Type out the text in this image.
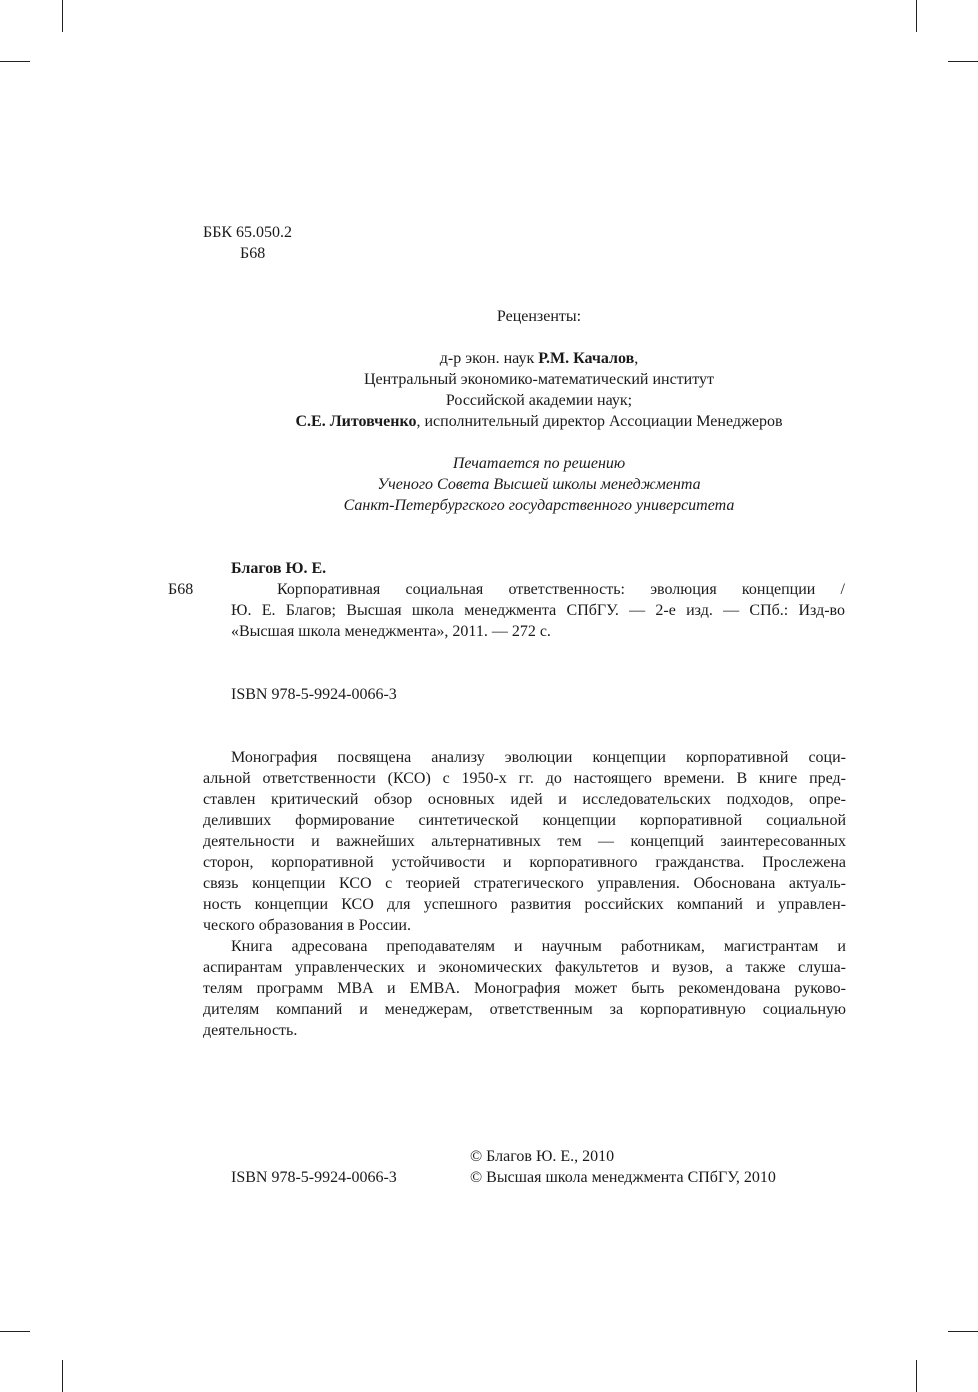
ББК 65.050.2
Б68
Рецензенты:
д-р экон. наук Р.М. Качалов,
Центральный экономико-математический институт
Российской академии наук;
С.Е. Литовченко, исполнительный директор Ассоциации Менеджеров
Печатается по решению
Ученого Совета Высшей школы менеджмента
Санкт-Петербургского государственного университета
Благов Ю. Е.
Б68	Корпоративная социальная ответственность: эволюция концепции /
Ю. Е. Благов; Высшая школа менеджмента СПбГУ. — 2-е изд. — СПб.: Изд-во
«Высшая школа менеджмента», 2011. — 272 с.
ISBN 978-5-9924-0066-3
Монография посвящена анализу эволюции концепции корпоративной соци-
альной ответственности (КСО) с 1950-х гг. до настоящего времени. В книге пред-
ставлен критический обзор основных идей и исследовательских подходов, опре-
деливших формирование синтетической концепции корпоративной социальной
деятельности и важнейших альтернативных тем — концепций заинтересованных
сторон, корпоративной устойчивости и корпоративного гражданства. Прослежена
связь концепции КСО с теорией стратегического управления. Обоснована актуаль-
ность концепции КСО для успешного развития российских компаний и управлен-
ческого образования в России.
Книга адресована преподавателям и научным работникам, магистрантам и
аспирантам управленческих и экономических факультетов и вузов, а также слуша-
телям программ MBA и EMBA. Монография может быть рекомендована руково-
дителям компаний и менеджерам, ответственным за корпоративную социальную
деятельность.
© Благов Ю. Е., 2010
ISBN 978-5-9924-0066-3	© Высшая школа менеджмента СПбГУ, 2010
